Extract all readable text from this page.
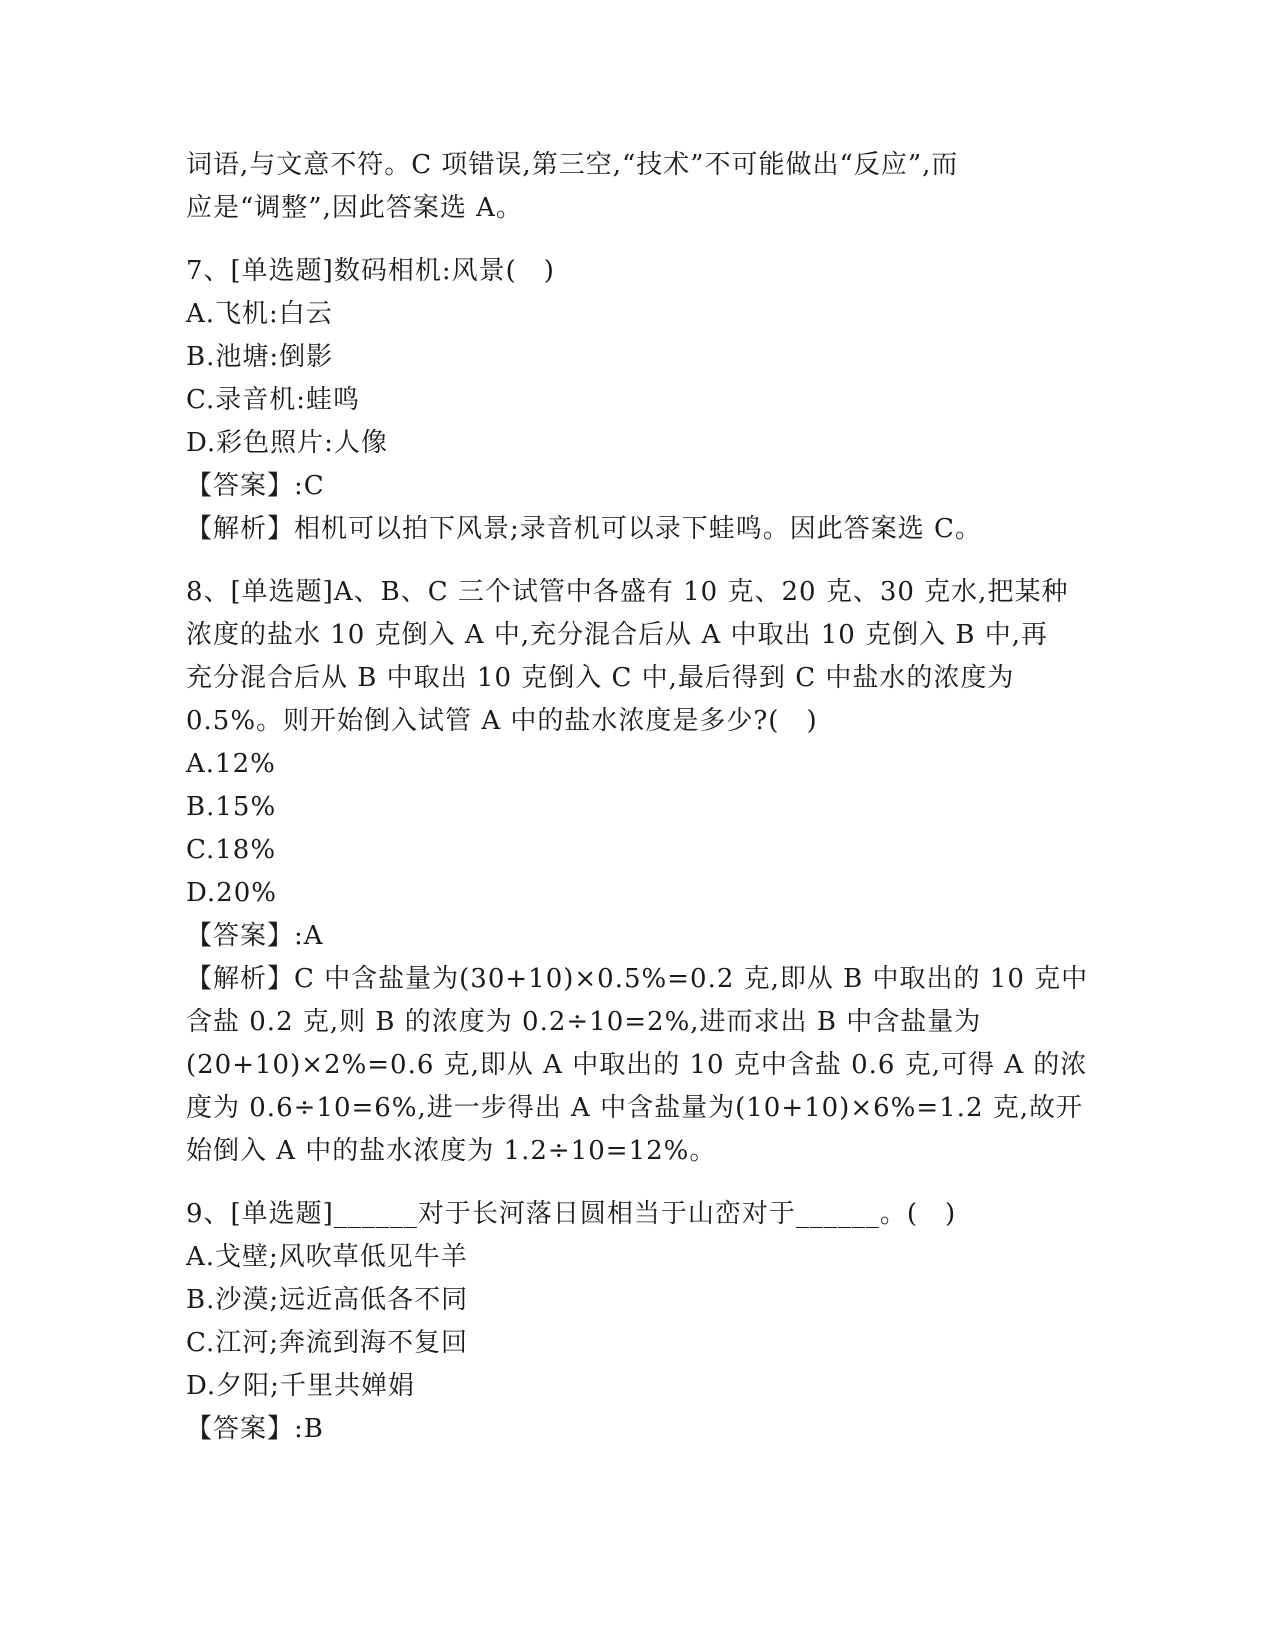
词语,与文意不符。C 项错误,第三空,“技术”不可能做出“反应”,而
应是“调整”,因此答案选 A。
7、[单选题]数码相机:风景(　)
A.飞机:白云
B.池塘:倒影
C.录音机:蛙鸣
D.彩色照片:人像
【答案】:C
【解析】相机可以拍下风景;录音机可以录下蛙鸣。因此答案选 C。
8、[单选题]A、B、C 三个试管中各盛有 10 克、20 克、30 克水,把某种
浓度的盐水 10 克倒入 A 中,充分混合后从 A 中取出 10 克倒入 B 中,再
充分混合后从 B 中取出 10 克倒入 C 中,最后得到 C 中盐水的浓度为
0.5%。则开始倒入试管 A 中的盐水浓度是多少?(　)
A.12%
B.15%
C.18%
D.20%
【答案】:A
【解析】C 中含盐量为(30+10)×0.5%=0.2 克,即从 B 中取出的 10 克中
含盐 0.2 克,则 B 的浓度为 0.2÷10=2%,进而求出 B 中含盐量为
(20+10)×2%=0.6 克,即从 A 中取出的 10 克中含盐 0.6 克,可得 A 的浓
度为 0.6÷10=6%,进一步得出 A 中含盐量为(10+10)×6%=1.2 克,故开
始倒入 A 中的盐水浓度为 1.2÷10=12%。
9、[单选题]______对于长河落日圆相当于山峦对于______。(　)
A.戈壁;风吹草低见牛羊
B.沙漠;远近高低各不同
C.江河;奔流到海不复回
D.夕阳;千里共婵娟
【答案】:B
